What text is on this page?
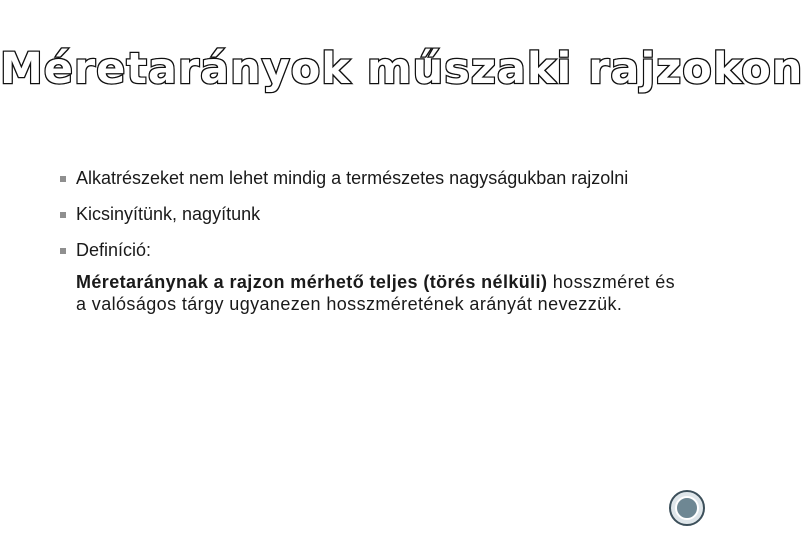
Méretarányok műszaki rajzokon
Alkatrészeket nem lehet mindig a természetes nagyságukban rajzolni
Kicsinyítünk, nagyítunk
Definíció:
Méretaránynak a rajzon mérhető teljes (törés nélküli) hosszméret és a valóságos tárgy ugyanezen hosszméretének arányát nevezzük.
